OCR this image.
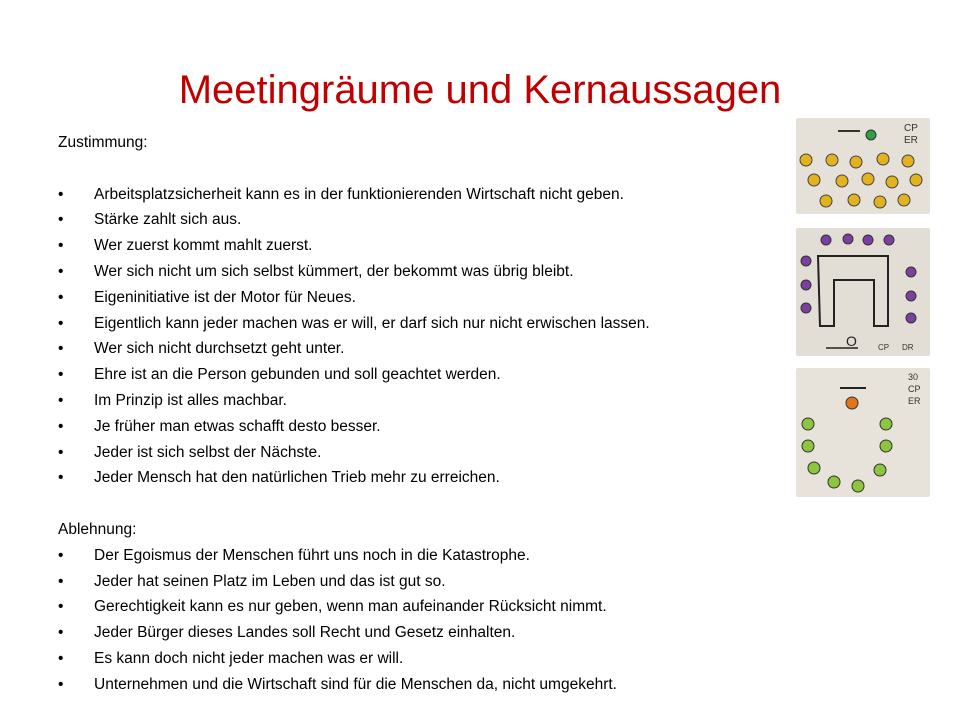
Meetingräume und Kernaussagen

Zustimmung:

• Arbeitsplatzsicherheit kann es in der funktionierenden Wirtschaft nicht geben.
• Stärke zahlt sich aus.
• Wer zuerst kommt mahlt zuerst.
• Wer sich nicht um sich selbst kümmert, der bekommt was übrig bleibt.
• Eigeninitiative ist der Motor für Neues.
• Eigentlich kann jeder machen was er will, er darf sich nur nicht erwischen lassen.
• Wer sich nicht durchsetzt geht unter.
• Ehre ist an die Person gebunden und soll geachtet werden.
• Im Prinzip ist alles machbar.
• Je früher man etwas schafft desto besser.
• Jeder ist sich selbst der Nächste.
• Jeder Mensch hat den natürlichen Trieb mehr zu erreichen.

Ablehnung:

• Der Egoismus der Menschen führt uns noch in die Katastrophe.
• Jeder hat seinen Platz im Leben und das ist gut so.
• Gerechtigkeit kann es nur geben, wenn man aufeinander Rücksicht nimmt.
• Jeder Bürger dieses Landes soll Recht und Gesetz einhalten.
• Es kann doch nicht jeder machen was er will.
• Unternehmen und die Wirtschaft sind für die Menschen da, nicht umgekehrt.
CP
ER
O	CP DR
30
CP
ER
